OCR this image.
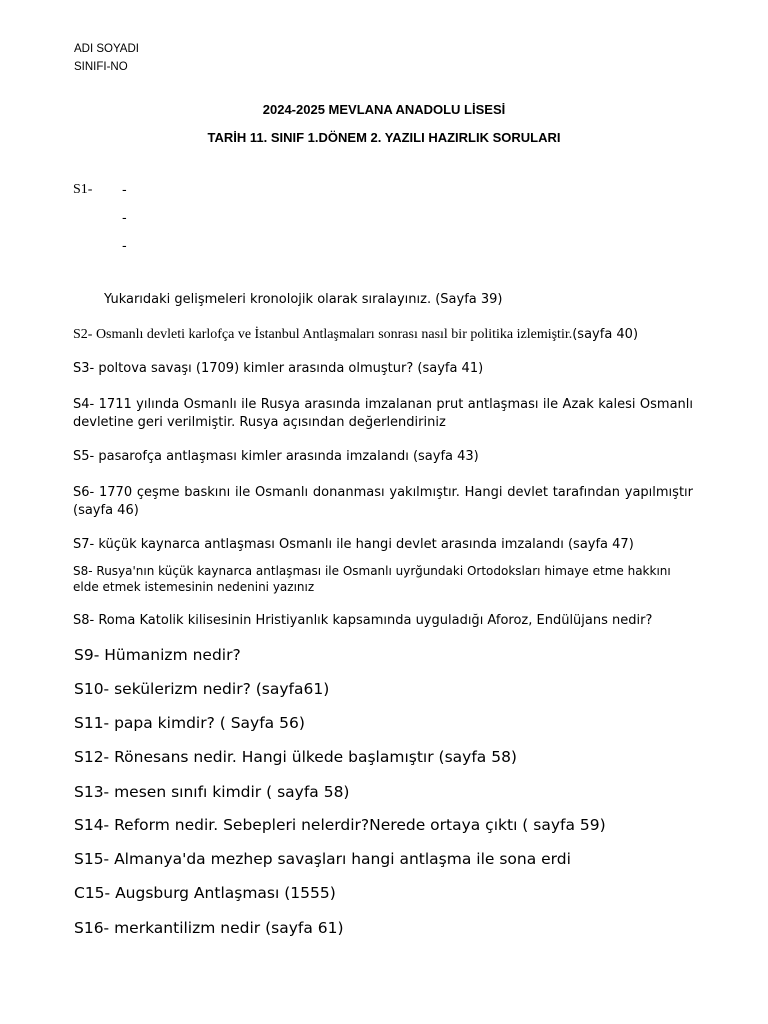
ADI SOYADI
SINIFI-NO
2024-2025 MEVLANA ANADOLU LİSESİ
TARİH 11. SINIF 1.DÖNEM 2. YAZILI HAZIRLIK SORULARI
S1- -
-
-
Yukarıdaki gelişmeleri kronolojik olarak sıralayınız. (Sayfa 39)
S2- Osmanlı devleti karlofça ve İstanbul Antlaşmaları sonrası nasıl bir politika izlemiştir.(sayfa 40)
S3- poltova savaşı (1709) kimler arasında olmuştur? (sayfa 41)
S4- 1711 yılında Osmanlı ile Rusya arasında imzalanan prut antlaşması ile Azak kalesi Osmanlı devletine geri verilmiştir. Rusya açısından değerlendiriniz
S5- pasarofça antlaşması kimler arasında imzalandı (sayfa 43)
S6- 1770 çeşme baskını ile Osmanlı donanması yakılmıştır. Hangi devlet tarafından yapılmıştır (sayfa 46)
S7- küçük kaynarca antlaşması Osmanlı ile hangi devlet arasında imzalandı (sayfa 47)
S8- Rusya'nın küçük kaynarca antlaşması ile Osmanlı uyrğundaki Ortodoksları himaye etme hakkını elde etmek istemesinin nedenini yazınız
S8- Roma Katolik kilisesinin Hristiyanlık kapsamında uyguladığı Aforoz, Endülüjans nedir?
S9- Hümanizm nedir?
S10- sekülerizm nedir? (sayfa61)
S11- papa kimdir? ( Sayfa 56)
S12- Rönesans nedir. Hangi ülkede başlamıştır (sayfa 58)
S13- mesen sınıfı kimdir ( sayfa 58)
S14- Reform nedir. Sebepleri nelerdir?Nerede ortaya çıktı ( sayfa 59)
S15- Almanya'da mezhep savaşları hangi antlaşma ile sona erdi
C15- Augsburg Antlaşması (1555)
S16- merkantilizm nedir (sayfa 61)
